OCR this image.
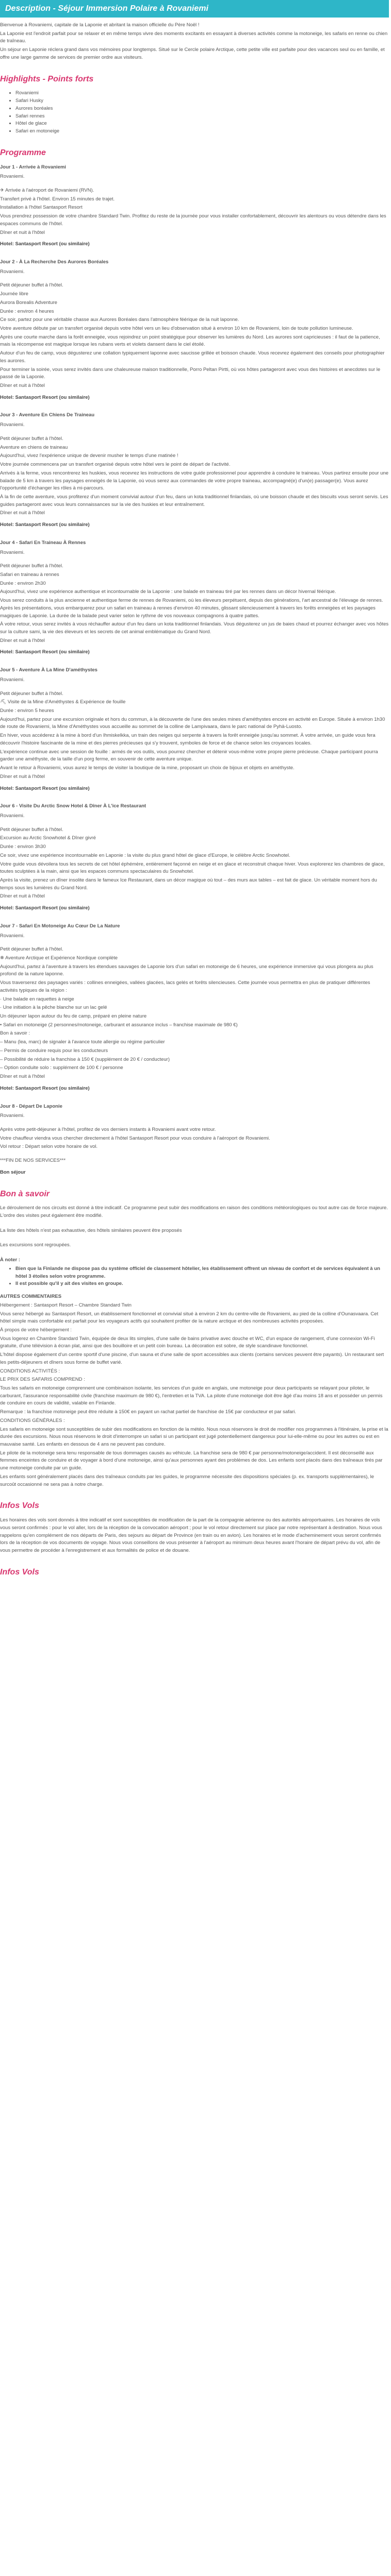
Description - Séjour Immersion Polaire à Rovaniemi

Bienvenue à Rovaniemi, capitale de la Laponie et abritant la maison officielle du Père Noël !

La Laponie est l'endroit parfait pour se relaxer et en même temps vivre des moments excitants en essayant à diverses activités comme la motoneige, les safaris en renne ou chien de traîneau.

Un séjour en Laponie réclera grand dans vos mémoires pour longtemps. Situé sur le Cercle polaire Arctique, cette petite ville est parfaite pour des vacances seul ou en famille, et offre une large gamme de services de premier ordre aux visiteurs.

Highlights - Points forts
• Rovaniemi
• Safari Husky
• Aurores boréales
• Safari rennes
• Hôtel de glace
• Safari en motoneige
Programme

Jour 1 - Arrivée à Rovaniemi

Rovaniemi.

✈ Arrivée à l'aéroport de Rovaniemi (RVN).

Transfert privé à l'hôtel. Environ 15 minutes de trajet.

Installation à l'hôtel Santasport Resort

Vous prendrez possession de votre chambre Standard Twin. Profitez du reste de la journée pour vous installer confortablement, découvrir les alentours ou vous détendre dans les espaces communs de l'hôtel.

Dîner et nuit à l'hôtel

Hotel: Santasport Resort (ou similaire)

Jour 2 - À La Recherche Des Aurores Boréales

Rovaniemi.

Petit déjeuner buffet à l'hôtel.

Journée libre

Aurora Borealis Adventure

Durée : environ 4 heures

Ce soir, partez pour une véritable chasse aux Aurores Boréales dans l'atmosphère féérique de la nuit laponne.

Votre aventure débute par un transfert organisé depuis votre hôtel vers un lieu d'observation situé à environ 10 km de Rovaniemi, loin de toute pollution lumineuse.

Après une courte marche dans la forêt enneigée, vous rejoindrez un point stratégique pour observer les lumières du Nord. Les aurores sont capricieuses : il faut de la patience, mais la récompense est magique lorsque les rubans verts et violets dansent dans le ciel étoilé.

Autour d'un feu de camp, vous dégusterez une collation typiquement laponne avec saucisse grillée et boisson chaude. Vous recevrez également des conseils pour photographier les aurores.

Pour terminer la soirée, vous serez invités dans une chaleureuse maison traditionnelle, Porro Peltan Pirtti, où vos hôtes partageront avec vous des histoires et anecdotes sur le passé de la Laponie.

Dîner et nuit à l'hôtel

Hotel: Santasport Resort (ou similaire)

Jour 3 - Aventure En Chiens De Traineau

Rovaniemi.

Petit déjeuner buffet à l'hôtel.

Aventure en chiens de traineau

Aujourd'hui, vivez l'expérience unique de devenir musher le temps d'une matinée !

Votre journée commencera par un transfert organisé depuis votre hôtel vers le point de départ de l'activité.

Arrivés à la ferme, vous rencontrerez les huskies, vous recevrez les instructions de votre guide professionnel pour apprendre à conduire le traineau. Vous partirez ensuite pour une balade de 5 km à travers les paysages enneigés de la Laponie, où vous serez aux commandes de votre propre traineau, accompagné(e) d'un(e) passager(e). Vous aurez l'opportunité d'échanger les rôles à mi-parcours.

À la fin de cette aventure, vous profiterez d'un moment convivial autour d'un feu, dans un kota traditionnel finlandais, où une boisson chaude et des biscuits vous seront servis. Les guides partageront avec vous leurs connaissances sur la vie des huskies et leur entraînement.

Dîner et nuit à l'hôtel

Hotel: Santasport Resort (ou similaire)

Jour 4 - Safari En Traineau À Rennes

Rovaniemi.

Petit déjeuner buffet à l'hôtel.

Safari en traineau à rennes

Durée : environ 2h30

Aujourd'hui, vivez une expérience authentique et incontournable de la Laponie : une balade en traineau tiré par les rennes dans un décor hivernal féérique.

Vous serez conduits à la plus ancienne et authentique ferme de rennes de Rovaniemi, où les éleveurs perpétuent, depuis des générations, l'art ancestral de l'élevage de rennes. Après les présentations, vous embarquerez pour un safari en traineau à rennes d'environ 40 minutes, glissant silencieusement à travers les forêts enneigées et les paysages magiques de Laponie. La durée de la balade peut varier selon le rythme de vos nouveaux compagnons à quatre pattes.

À votre retour, vous serez invités à vous réchauffer autour d'un feu dans un kota traditionnel finlandais. Vous dégusterez un jus de baies chaud et pourrez échanger avec vos hôtes sur la culture sami, la vie des éleveurs et les secrets de cet animal emblématique du Grand Nord.

Dîner et nuit à l'hôtel

Hotel: Santasport Resort (ou similaire)

Jour 5 - Aventure À La Mine D'améthystes

Rovaniemi.

Petit déjeuner buffet à l'hôtel.

⛏ Visite de la Mine d'Améthystes & Expérience de fouille

Durée : environ 5 heures

Aujourd'hui, partez pour une excursion originale et hors du commun, à la découverte de l'une des seules mines d'améthystes encore en activité en Europe. Située à environ 1h30 de route de Rovaniemi, la Mine d'Améthystes vous accueille au sommet de la colline de Lampivaara, dans le parc national de Pyhä-Luosto.

En hiver, vous accéderez à la mine à bord d'un Ihmiskelkka, un train des neiges qui serpente à travers la forêt enneigée jusqu'au sommet. À votre arrivée, un guide vous fera découvrir l'histoire fascinante de la mine et des pierres précieuses qui s'y trouvent, symboles de force et de chance selon les croyances locales.

L'expérience continue avec une session de fouille : armés de vos outils, vous pourrez chercher et détenir vous-même votre propre pierre précieuse. Chaque participant pourra garder une améthyste, de la taille d'un porg ferme, en souvenir de cette aventure unique.

Avant le retour à Rovaniemi, vous aurez le temps de visiter la boutique de la mine, proposant un choix de bijoux et objets en améthyste.

Dîner et nuit à l'hôtel

Hotel: Santasport Resort (ou similaire)

Jour 6 - Visite Du Arctic Snow Hotel & Dîner À L'ice Restaurant

Rovaniemi.

Petit déjeuner buffet à l'hôtel.

Excursion au Arctic Snowhotel & Dîner givré

Durée : environ 3h30

Ce soir, vivez une expérience incontournable en Laponie : la visite du plus grand hôtel de glace d'Europe, le célèbre Arctic Snowhotel.

Votre guide vous dévoilera tous les secrets de cet hôtel éphémère, entièrement façonné en neige et en glace et reconstruit chaque hiver. Vous explorerez les chambres de glace, toutes sculptées à la main, ainsi que les espaces communs spectaculaires du Snowhotel.

Après la visite, prenez un dîner insolite dans le fameux Ice Restaurant, dans un décor magique où tout – des murs aux tables – est fait de glace. Un véritable moment hors du temps sous les lumières du Grand Nord.

Dîner et nuit à l'hôtel

Hotel: Santasport Resort (ou similaire)

Jour 7 - Safari En Motoneige Au Cœur De La Nature

Rovaniemi.

Petit déjeuner buffet à l'hôtel.

❄ Aventure Arctique et Expérience Nordique complète

Aujourd'hui, partez à l'aventure à travers les étendues sauvages de Laponie lors d'un safari en motoneige de 6 heures, une expérience immersive qui vous plongera au plus profond de la nature laponne.

Vous traverserez des paysages variés : collines enneigées, vallées glacées, lacs gelés et forêts silencieuses. Cette journée vous permettra en plus de pratiquer différentes activités typiques de la région :

· Une balade en raquettes à neige

· Une initiation à la pêche blanche sur un lac gelé

Un déjeuner lapon autour du feu de camp, préparé en pleine nature

• Safari en motoneige (2 personnes/motoneige, carburant et assurance inclus – franchise maximale de 980 €)

Bon à savoir :

– Manu (lea, marc) de signaler à l'avance toute allergie ou régime particulier

– Permis de conduire requis pour les conducteurs

– Possibilité de réduire la franchise à 150 € (supplément de 20 € / conducteur)

– Option conduite solo : supplément de 100 € / personne

Dîner et nuit à l'hôtel

Hotel: Santasport Resort (ou similaire)

Jour 8 - Départ De Laponie

Rovaniemi.

Après votre petit-déjeuner à l'hôtel, profitez de vos derniers instants à Rovaniemi avant votre retour.

Votre chauffeur viendra vous chercher directement à l'hôtel Santasport Resort pour vous conduire à l'aéroport de Rovaniemi.

Vol retour : Départ selon votre horaire de vol.

***FIN DE NOS SERVICES***

Bon séjour

Bon à savoir

Le déroulement de nos circuits est donné à titre indicatif. Ce programme peut subir des modifications en raison des conditions météorologiques ou tout autre cas de force majeure. L'ordre des visites peut également être modifié.

La liste des hôtels n'est pas exhaustive, des hôtels similaires peuvent être proposés

Les excursions sont regroupées.

À noter :

• Bien que la Finlande ne dispose pas du système officiel de classement hôtelier, les établissement offrent un niveau de confort et de services équivalent à un hôtel 3 étoiles selon votre programme.
• Il est possible qu'il y ait des visites en groupe.

AUTRES COMMENTAIRES

Hébergement : Santasport Resort – Chambre Standard Twin

Vous serez hébergé au Santasport Resort, un établissement fonctionnel et convivial situé à environ 2 km du centre-ville de Rovaniemi, au pied de la colline d'Ounasvaara. Cet hôtel simple mais confortable est parfait pour les voyageurs actifs qui souhaitent profiter de la nature arctique et des nombreuses activités proposées.

À propos de votre hébergement :

Vous logerez en Chambre Standard Twin, équipée de deux lits simples, d'une salle de bains privative avec douche et WC, d'un espace de rangement, d'une connexion Wi-Fi gratuite, d'une télévision à écran plat, ainsi que des bouilloire et un petit coin bureau. La décoration est sobre, de style scandinave fonctionnel.

L'hôtel dispose également d'un centre sportif d'une piscine, d'un sauna et d'une salle de sport accessibles aux clients (certains services peuvent être payants). Un restaurant sert les petits-déjeuners et dîners sous forme de buffet varié.

CONDITIONS ACTIVITÉS :

LE PRIX DES SAFARIS COMPREND :

Tous les safaris en motoneige comprennent une combinaison isolante, les services d'un guide en anglais, une motoneige pour deux participants se relayant pour piloter, le carburant, l'assurance responsabilité civile (franchise maximum de 980 €), l'entretien et la TVA. La pilote d'une motoneige doit être âgé d'au moins 18 ans et posséder un permis de conduire en cours de validité, valable en Finlande.

Remarque : la franchise motoneige peut être réduite à 150€ en payant un rachat partiel de franchise de 15€ par conducteur et par safari.

CONDITIONS GÉNÉRALES :

Les safaris en motoneige sont susceptibles de subir des modifications en fonction de la météo. Nous nous réservons le droit de modifier nos programmes à l'itinéraire, la prise et la durée des excursions. Nous nous réservons le droit d'interrompre un safari si un participant est jugé potentiellement dangereux pour lui-elle-même ou pour les autres ou est en mauvaise santé. Les enfants en dessous de 4 ans ne peuvent pas conduire.

Le pilote de la motoneige sera tenu responsable de tous dommages causés au véhicule. La franchise sera de 980 € par personne/motoneige/accident. Il est déconseillé aux femmes enceintes de conduire et de voyager à bord d'une motoneige, ainsi qu'aux personnes ayant des problèmes de dos. Les enfants sont placés dans des traîneaux tirés par une motoneige conduite par un guide.

Les enfants sont généralement placés dans des traîneaux conduits par les guides, le programme nécessite des dispositions spéciales (p. ex. transports supplémentaires), le surcoût occasionné ne sera pas à notre charge.

Infos Vols

Les horaires des vols sont donnés à titre indicatif et sont susceptibles de modification de la part de la compagnie aérienne ou des autorités aéroportuaires. Les horaires de vols vous seront confirmés : pour le vol aller, lors de la réception de la convocation aéroport ; pour le vol retour directement sur place par notre représentant à destination. Nous vous rappelons qu'en complément de nos départs de Paris, des sejours au départ de Province (en train ou en avion). Les horaires et le mode d'acheminement vous seront confirmés lors de la réception de vos documents de voyage. Nous vous conseillons de vous présenter à l'aéroport au minimum deux heures avant l'horaire de départ prévu du vol, afin de vous permettre de procéder à l'enregistrement et aux formalités de police et de douane.

Infos Vols
